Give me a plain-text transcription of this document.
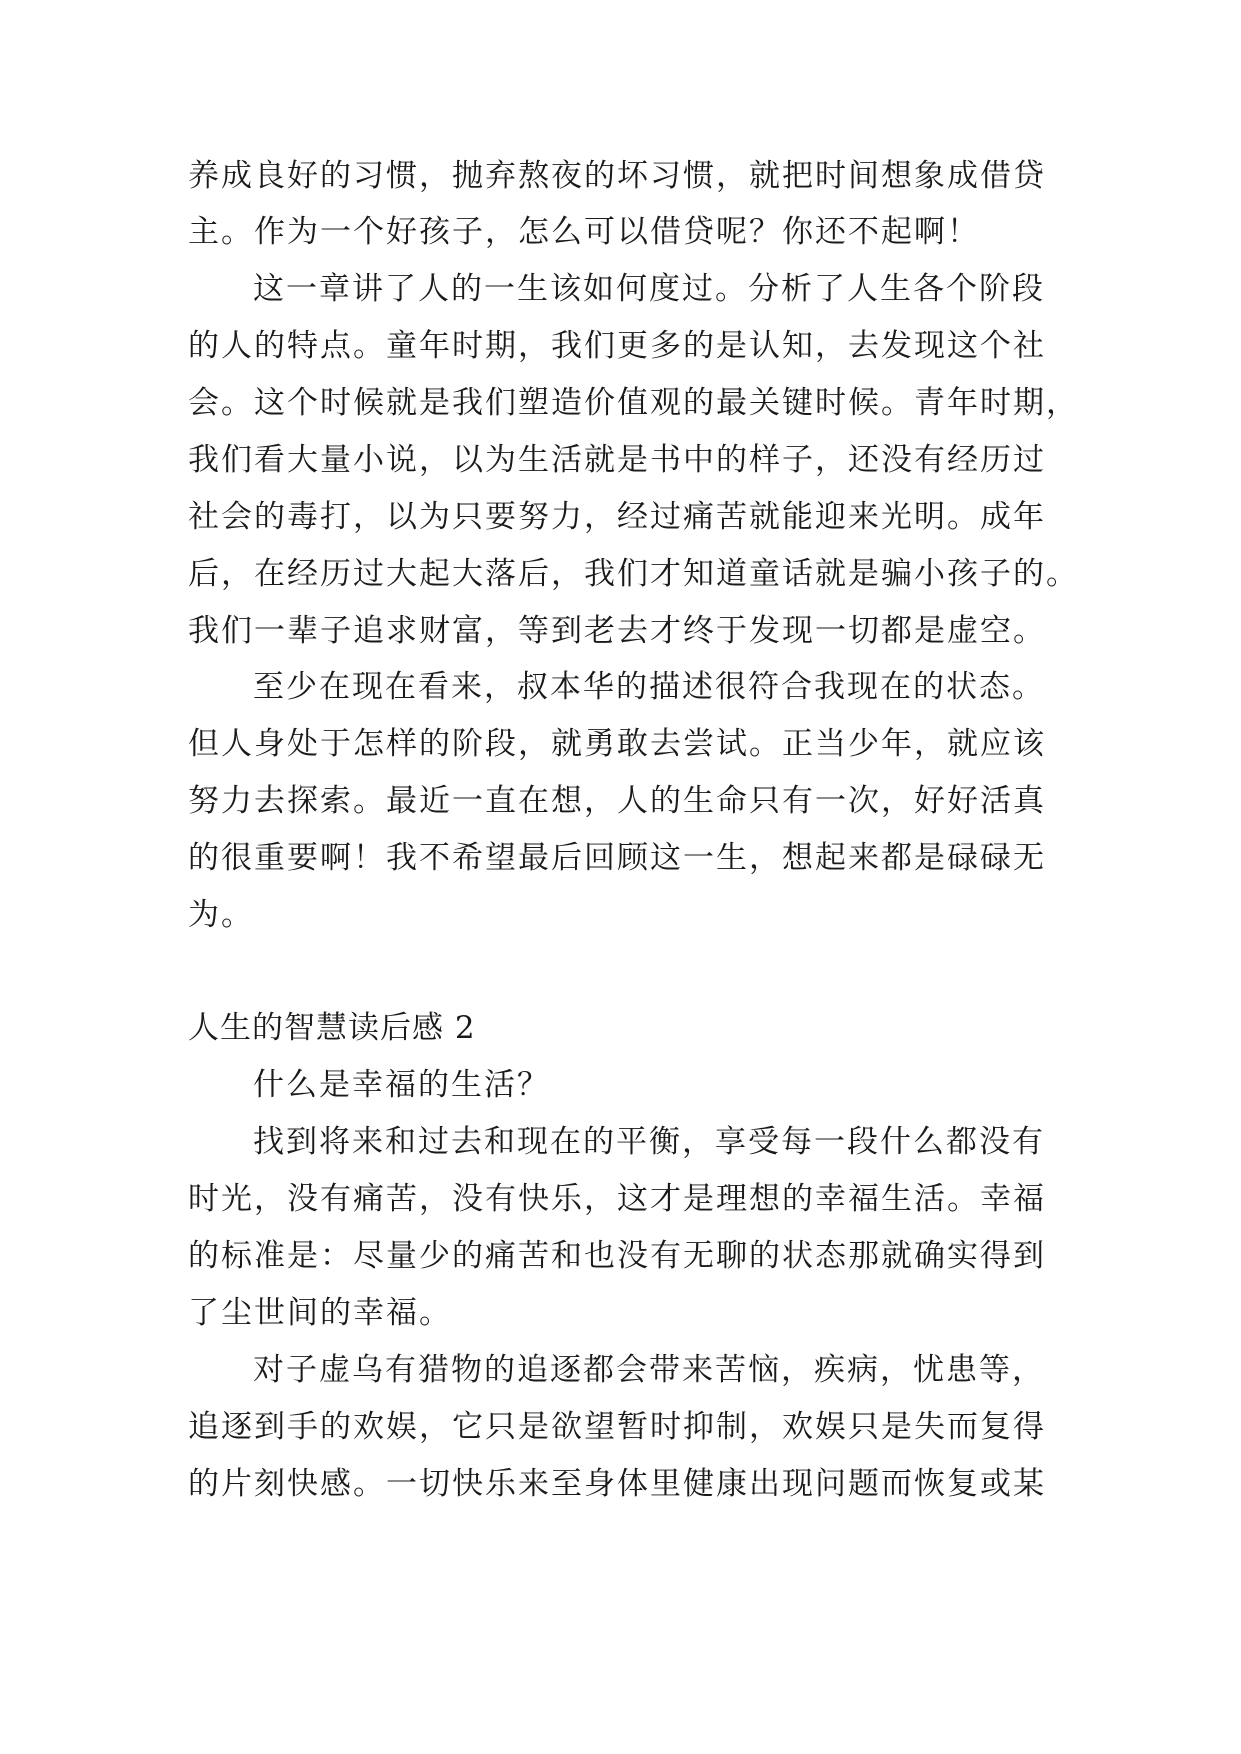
养成良好的习惯，抛弃熬夜的坏习惯，就把时间想象成借贷
主。作为一个好孩子，怎么可以借贷呢？你还不起啊！
这一章讲了人的一生该如何度过。分析了人生各个阶段
的人的特点。童年时期，我们更多的是认知，去发现这个社
会。这个时候就是我们塑造价值观的最关键时候。青年时期，
我们看大量小说，以为生活就是书中的样子，还没有经历过
社会的毒打，以为只要努力，经过痛苦就能迎来光明。成年
后，在经历过大起大落后，我们才知道童话就是骗小孩子的。
我们一辈子追求财富，等到老去才终于发现一切都是虚空。
至少在现在看来，叔本华的描述很符合我现在的状态。
但人身处于怎样的阶段，就勇敢去尝试。正当少年，就应该
努力去探索。最近一直在想，人的生命只有一次，好好活真
的很重要啊！我不希望最后回顾这一生，想起来都是碌碌无
为。
人生的智慧读后感 2
什么是幸福的生活？
找到将来和过去和现在的平衡，享受每一段什么都没有
时光，没有痛苦，没有快乐，这才是理想的幸福生活。幸福
的标准是：尽量少的痛苦和也没有无聊的状态那就确实得到
了尘世间的幸福。
对子虚乌有猎物的追逐都会带来苦恼，疾病，忧患等，
追逐到手的欢娱，它只是欲望暂时抑制，欢娱只是失而复得
的片刻快感。一切快乐来至身体里健康出现问题而恢复或某
